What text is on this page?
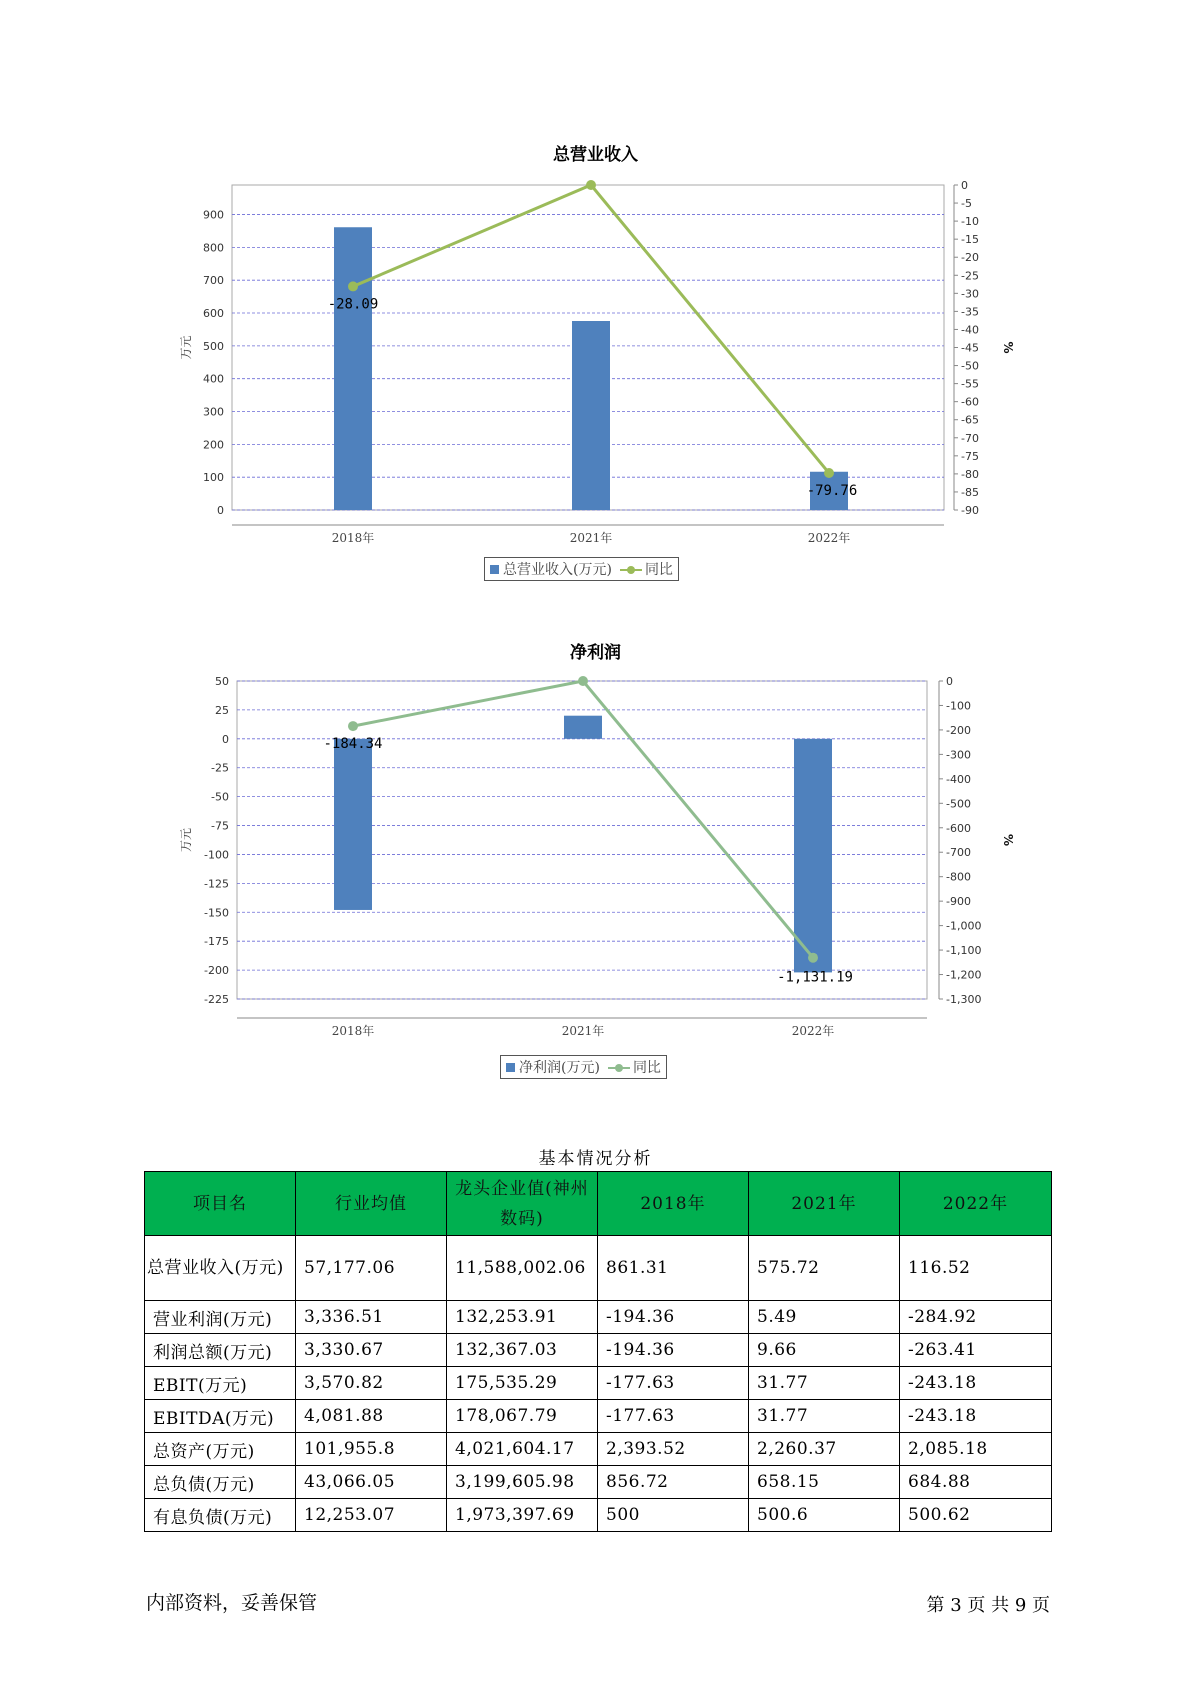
总营业收入
900
800
700
600
500
400
300
200
100
0
0
-5
-10
-15
-20
-25
-30
-35
-40
-45
-50
-55
-60
-65
-70
-75
-80
-85
-90
万元	%
2018年	2021年	2022年
-28.09
-79.76
总营业收入(万元) 同比
净利润
50
25
0
-25
-50
-75
-100
-125
-150
-175
-200
-225
0
-100
-200
-300
-400
-500
-600
-700
-800
-900
-1,000
-1,100
-1,200
-1,300
万元	%
2018年	2021年	2022年
-184.34
-1,131.19
净利润(万元) 同比
基本情况分析
项目名	行业均值	龙头企业值(神州数码)	2018年	2021年	2022年
总营业收入(万元)	57,177.06	11,588,002.06	861.31	575.72	116.52
营业利润(万元)	3,336.51	132,253.91	-194.36	5.49	-284.92
利润总额(万元)	3,330.67	132,367.03	-194.36	9.66	-263.41
EBIT(万元)	3,570.82	175,535.29	-177.63	31.77	-243.18
EBITDA(万元)	4,081.88	178,067.79	-177.63	31.77	-243.18
总资产(万元)	101,955.8	4,021,604.17	2,393.52	2,260.37	2,085.18
总负债(万元)	43,066.05	3,199,605.98	856.72	658.15	684.88
有息负债(万元)	12,253.07	1,973,397.69	500	500.6	500.62
内部资料，妥善保管	第 3 页 共 9 页
